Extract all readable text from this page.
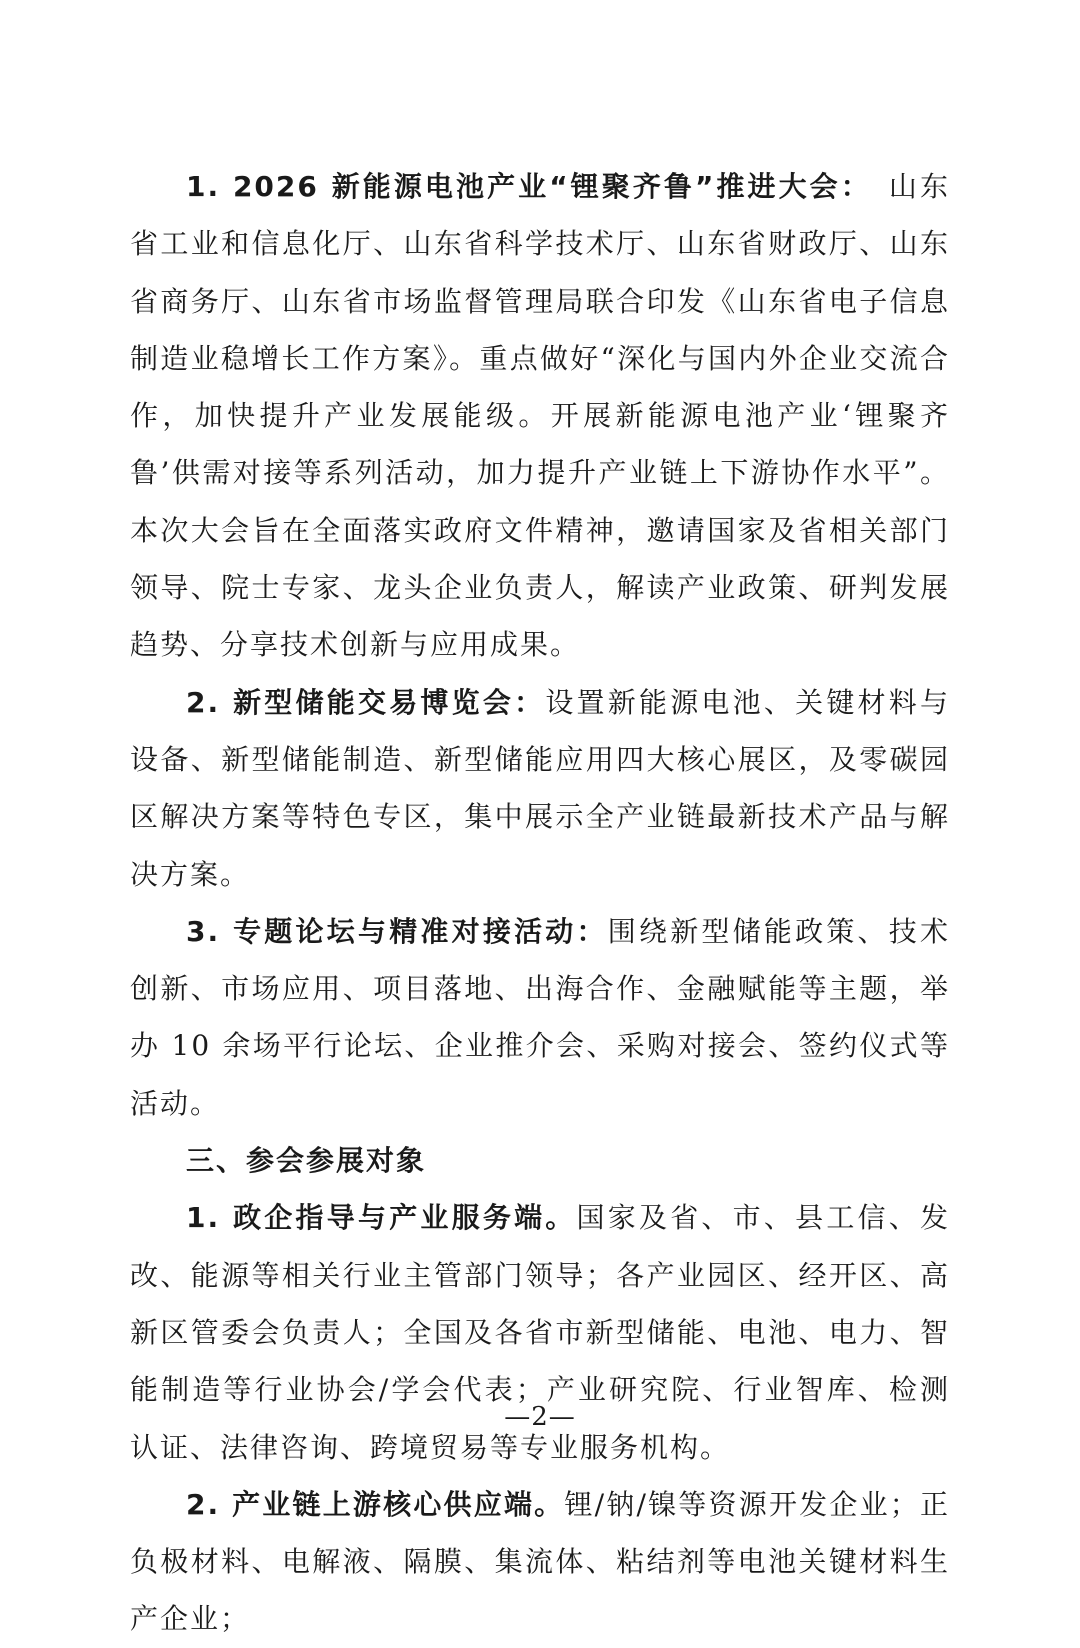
1. 2026 新能源电池产业“锂聚齐鲁”推进大会：　山东省工业和信息化厅、山东省科学技术厅、山东省财政厅、山东省商务厅、山东省市场监督管理局联合印发《山东省电子信息制造业稳增长工作方案》。重点做好“深化与国内外企业交流合作，加快提升产业发展能级。开展新能源电池产业‘锂聚齐鲁’供需对接等系列活动，加力提升产业链上下游协作水平”。本次大会旨在全面落实政府文件精神，邀请国家及省相关部门领导、院士专家、龙头企业负责人，解读产业政策、研判发展趋势、分享技术创新与应用成果。

2. 新型储能交易博览会：设置新能源电池、关键材料与设备、新型储能制造、新型储能应用四大核心展区，及零碳园区解决方案等特色专区，集中展示全产业链最新技术产品与解决方案。

3. 专题论坛与精准对接活动：围绕新型储能政策、技术创新、市场应用、项目落地、出海合作、金融赋能等主题，举办 10 余场平行论坛、企业推介会、采购对接会、签约仪式等活动。

三、参会参展对象

1. 政企指导与产业服务端。国家及省、市、县工信、发改、能源等相关行业主管部门领导；各产业园区、经开区、高新区管委会负责人；全国及各省市新型储能、电池、电力、智能制造等行业协会/学会代表；产业研究院、行业智库、检测认证、法律咨询、跨境贸易等专业服务机构。

2. 产业链上游核心供应端。锂/钠/镍等资源开发企业；正负极材料、电解液、隔膜、集流体、粘结剂等电池关键材料生产企业；

—2—
